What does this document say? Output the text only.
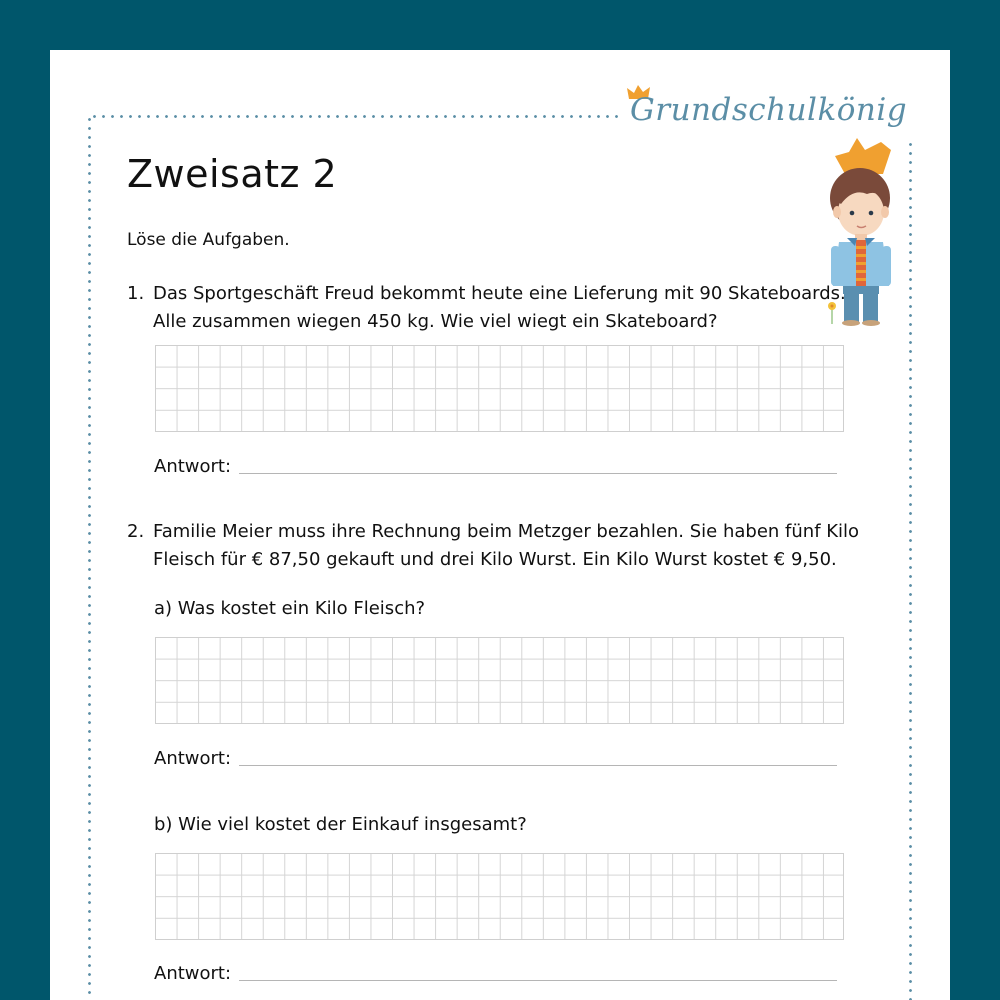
Grundschulkönig
Zweisatz 2
Löse die Aufgaben.
1. Das Sportgeschäft Freud bekommt heute eine Lieferung mit 90 Skateboards.
Alle zusammen wiegen 450 kg. Wie viel wiegt ein Skateboard?
Antwort:
2. Familie Meier muss ihre Rechnung beim Metzger bezahlen. Sie haben fünf Kilo
Fleisch für € 87,50 gekauft und drei Kilo Wurst. Ein Kilo Wurst kostet € 9,50.
a) Was kostet ein Kilo Fleisch?
Antwort:
b) Wie viel kostet der Einkauf insgesamt?
Antwort:
